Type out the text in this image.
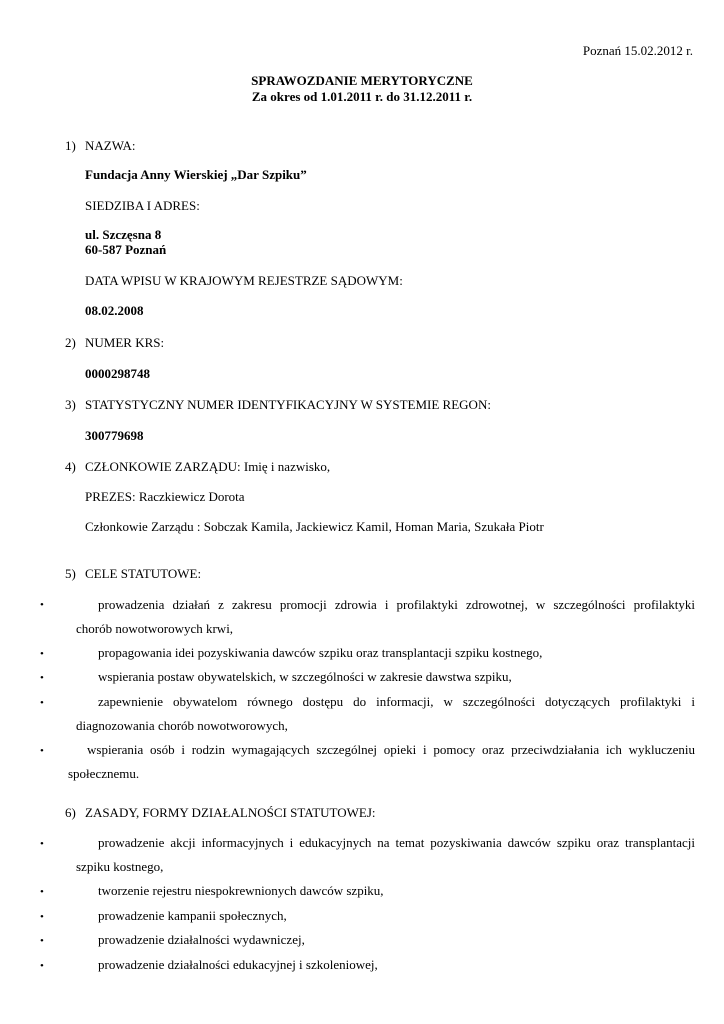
Poznań 15.02.2012 r.
SPRAWOZDANIE MERYTORYCZNE
Za okres od 1.01.2011 r. do 31.12.2011 r.
1) NAZWA:
Fundacja Anny Wierskiej „Dar Szpiku”
SIEDZIBA I ADRES:
ul. Szczęsna 8
60-587 Poznań
DATA WPISU W KRAJOWYM REJESTRZE SĄDOWYM:
08.02.2008
2) NUMER KRS:
0000298748
3) STATYSTYCZNY NUMER IDENTYFIKACYJNY W SYSTEMIE REGON:
300779698
4) CZŁONKOWIE ZARZĄDU: Imię i nazwisko,
PREZES: Raczkiewicz Dorota
Członkowie Zarządu : Sobczak Kamila, Jackiewicz Kamil, Homan Maria, Szukała Piotr
5) CELE STATUTOWE:
•	prowadzenia działań z zakresu promocji zdrowia i profilaktyki zdrowotnej, w szczególności profilaktyki
chorób nowotworowych krwi,
•	propagowania idei pozyskiwania dawców szpiku oraz transplantacji szpiku kostnego,
•	wspierania postaw obywatelskich, w szczególności w zakresie dawstwa szpiku,
•	zapewnienie obywatelom równego dostępu do informacji, w szczególności dotyczących profilaktyki i
diagnozowania chorób nowotworowych,
•	wspierania osób i rodzin wymagających szczególnej opieki i pomocy oraz przeciwdziałania ich wykluczeniu
społecznemu.
6) ZASADY, FORMY DZIAŁALNOŚCI STATUTOWEJ:
•	prowadzenie akcji informacyjnych i edukacyjnych na temat pozyskiwania dawców szpiku oraz transplantacji
szpiku kostnego,
•	tworzenie rejestru niespokrewnionych dawców szpiku,
•	prowadzenie kampanii społecznych,
•	prowadzenie działalności wydawniczej,
•	prowadzenie działalności edukacyjnej i szkoleniowej,
